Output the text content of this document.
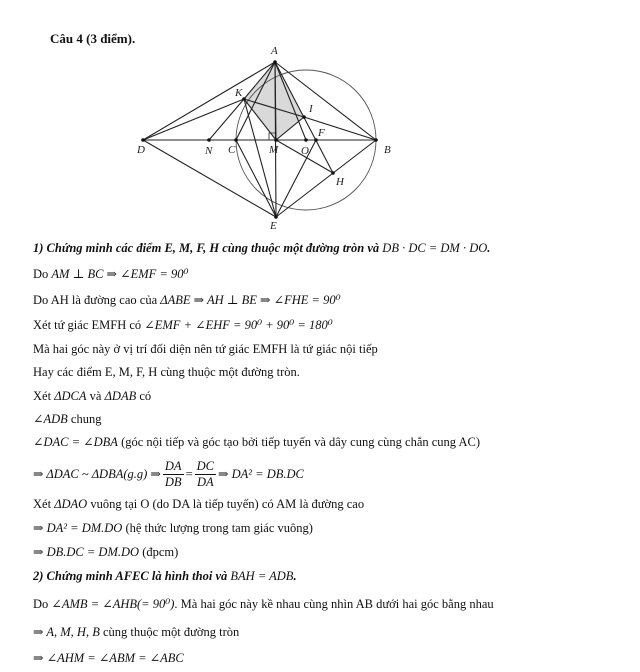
Câu 4 (3 điểm).
A
K
I
D	N C	M O
F
B
H
E
1) Chứng minh các điểm E, M, F, H cùng thuộc một đường tròn và DB · DC = DM · DO.
Do AM ⊥ BC ⇒ ∠EMF = 90⁰
Do AH là đường cao của ΔABE ⇒ AH ⊥ BE ⇒ ∠FHE = 90⁰
Xét tứ giác EMFH có ∠EMF + ∠EHF = 90⁰ + 90⁰ = 180⁰
Mà hai góc này ở vị trí đối diện nên tứ giác EMFH là tứ giác nội tiếp
Hay các điểm E, M, F, H cùng thuộc một đường tròn.
Xét ΔDCA và ΔDAB có
∠ADB chung
∠DAC = ∠DBA (góc nội tiếp và góc tạo bởi tiếp tuyến và dây cung cùng chắn cung AC)
⇒ ΔDAC ~ ΔDBA(g.g) ⇒ $\frac{DA}{DB} = \frac{DC}{DA}$ ⇒ DA² = DB.DC
Xét ΔDAO vuông tại O (do DA là tiếp tuyến) có AM là đường cao
⇒ DA² = DM.DO (hệ thức lượng trong tam giác vuông)
⇒ DB.DC = DM.DO (đpcm)
2) Chứng minh AFEC là hình thoi và BAH = ADB.
Do ∠AMB = ∠AHB(= 90⁰). Mà hai góc này kề nhau cùng nhìn AB dưới hai góc bằng nhau
⇒ A, M, H, B cùng thuộc một đường tròn
⇒ ∠AHM = ∠ABM = ∠ABC
